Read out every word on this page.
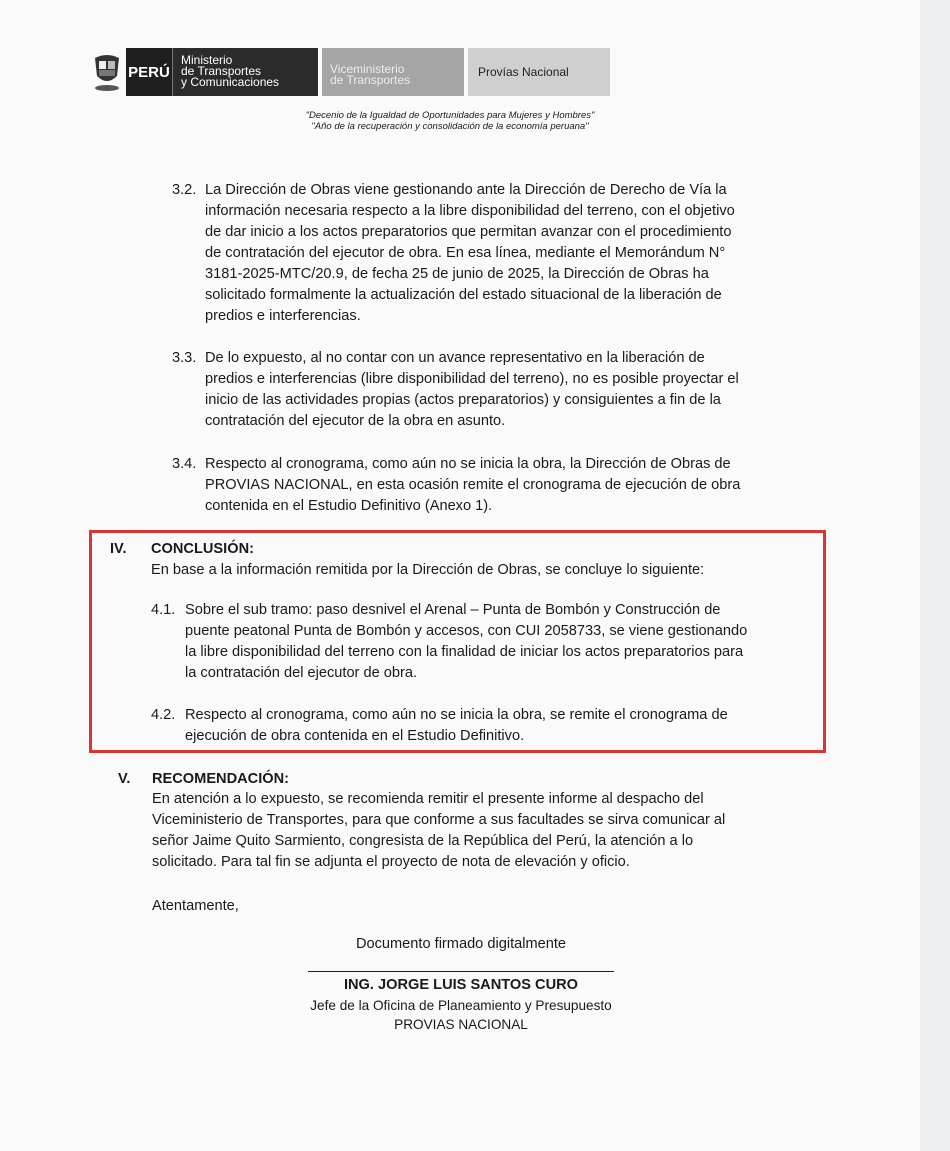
PERÚ
Ministerio
de Transportes
y Comunicaciones
Viceministerio
de Transportes
Provías Nacional
"Decenio de la Igualdad de Oportunidades para Mujeres y Hombres"
"Año de la recuperación y consolidación de la economía peruana"
3.2. La Dirección de Obras viene gestionando ante la Dirección de Derecho de Vía la
información necesaria respecto a la libre disponibilidad del terreno, con el objetivo
de dar inicio a los actos preparatorios que permitan avanzar con el procedimiento
de contratación del ejecutor de obra. En esa línea, mediante el Memorándum N°
3181-2025-MTC/20.9, de fecha 25 de junio de 2025, la Dirección de Obras ha
solicitado formalmente la actualización del estado situacional de la liberación de
predios e interferencias.
3.3. De lo expuesto, al no contar con un avance representativo en la liberación de
predios e interferencias (libre disponibilidad del terreno), no es posible proyectar el
inicio de las actividades propias (actos preparatorios) y consiguientes a fin de la
contratación del ejecutor de la obra en asunto.
3.4. Respecto al cronograma, como aún no se inicia la obra, la Dirección de Obras de
PROVIAS NACIONAL, en esta ocasión remite el cronograma de ejecución de obra
contenida en el Estudio Definitivo (Anexo 1).
IV. CONCLUSIÓN:
En base a la información remitida por la Dirección de Obras, se concluye lo siguiente:
4.1. Sobre el sub tramo: paso desnivel el Arenal – Punta de Bombón y Construcción de
puente peatonal Punta de Bombón y accesos, con CUI 2058733, se viene gestionando
la libre disponibilidad del terreno con la finalidad de iniciar los actos preparatorios para
la contratación del ejecutor de obra.
4.2. Respecto al cronograma, como aún no se inicia la obra, se remite el cronograma de
ejecución de obra contenida en el Estudio Definitivo.
V. RECOMENDACIÓN:
En atención a lo expuesto, se recomienda remitir el presente informe al despacho del
Viceministerio de Transportes, para que conforme a sus facultades se sirva comunicar al
señor Jaime Quito Sarmiento, congresista de la República del Perú, la atención a lo
solicitado. Para tal fin se adjunta el proyecto de nota de elevación y oficio.
Atentamente,
Documento firmado digitalmente
ING. JORGE LUIS SANTOS CURO
Jefe de la Oficina de Planeamiento y Presupuesto
PROVIAS NACIONAL
